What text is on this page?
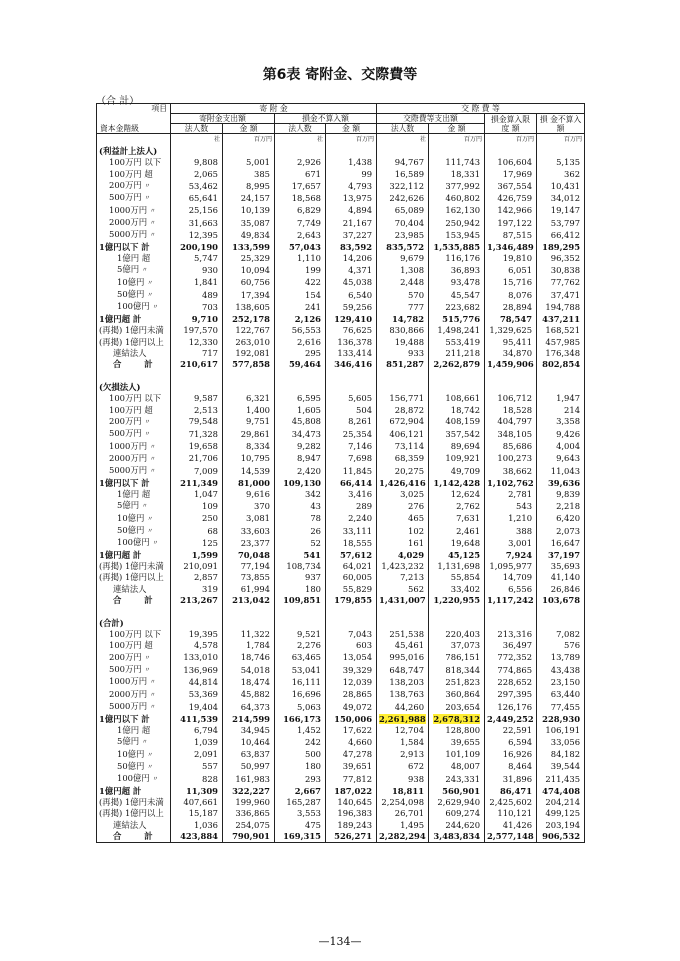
第6表 寄附金、交際費等
（合 計）
項目
資本金階級	寄 附 金				交 際 費 等			
	寄附金支出額		損金不算入額		交際費等支出額		損金算入限 度 額	損 金不算入額
	法人数	金 額	法人数	金 額	法人数	金 額		
	社	百万円	社	百万円	社	百万円	百万円	百万円
(利益計上法人)								
100万円 以下	9,808	5,001	2,926	1,438	94,767	111,743	106,604	5,135
100万円 超	2,065	385	671	99	16,589	18,331	17,969	362
200万円 〃	53,462	8,995	17,657	4,793	322,112	377,992	367,554	10,431
500万円 〃	65,641	24,157	18,568	13,975	242,626	460,802	426,759	34,012
1000万円 〃	25,156	10,139	6,829	4,894	65,089	162,130	142,966	19,147
2000万円 〃	31,663	35,087	7,749	21,167	70,404	250,942	197,122	53,797
5000万円 〃	12,395	49,834	2,643	37,227	23,985	153,945	87,515	66,412
1億円以下 計	200,190	133,599	57,043	83,592	835,572	1,535,885	1,346,489	189,295
1億円 超	5,747	25,329	1,110	14,206	9,679	116,176	19,810	96,352
5億円 〃	930	10,094	199	4,371	1,308	36,893	6,051	30,838
10億円 〃	1,841	60,756	422	45,038	2,448	93,478	15,716	77,762
50億円 〃	489	17,394	154	6,540	570	45,547	8,076	37,471
100億円 〃	703	138,605	241	59,256	777	223,682	28,894	194,788
1億円超 計	9,710	252,178	2,126	129,410	14,782	515,776	78,547	437,211
(再掲) 1億円未満	197,570	122,767	56,553	76,625	830,866	1,498,241	1,329,625	168,521
(再掲) 1億円以上	12,330	263,010	2,616	136,378	19,488	553,419	95,411	457,985
連結法人	717	192,081	295	133,414	933	211,218	34,870	176,348
合 計	210,617	577,858	59,464	346,416	851,287	2,262,879	1,459,906	802,854

(欠損法人)								
100万円 以下	9,587	6,321	6,595	5,605	156,771	108,661	106,712	1,947
100万円 超	2,513	1,400	1,605	504	28,872	18,742	18,528	214
200万円 〃	79,548	9,751	45,808	8,261	672,904	408,159	404,797	3,358
500万円 〃	71,328	29,861	34,473	25,354	406,121	357,542	348,105	9,426
1000万円 〃	19,658	8,334	9,282	7,146	73,114	89,694	85,686	4,004
2000万円 〃	21,706	10,795	8,947	7,698	68,359	109,921	100,273	9,643
5000万円 〃	7,009	14,539	2,420	11,845	20,275	49,709	38,662	11,043
1億円以下 計	211,349	81,000	109,130	66,414	1,426,416	1,142,428	1,102,762	39,636
1億円 超	1,047	9,616	342	3,416	3,025	12,624	2,781	9,839
5億円 〃	109	370	43	289	276	2,762	543	2,218
10億円 〃	250	3,081	78	2,240	465	7,631	1,210	6,420
50億円 〃	68	33,603	26	33,111	102	2,461	388	2,073
100億円 〃	125	23,377	52	18,555	161	19,648	3,001	16,647
1億円超 計	1,599	70,048	541	57,612	4,029	45,125	7,924	37,197
(再掲) 1億円未満	210,091	77,194	108,734	64,021	1,423,232	1,131,698	1,095,977	35,693
(再掲) 1億円以上	2,857	73,855	937	60,005	7,213	55,854	14,709	41,140
連結法人	319	61,994	180	55,829	562	33,402	6,556	26,846
合 計	213,267	213,042	109,851	179,855	1,431,007	1,220,955	1,117,242	103,678

(合計)								
100万円 以下	19,395	11,322	9,521	7,043	251,538	220,403	213,316	7,082
100万円 超	4,578	1,784	2,276	603	45,461	37,073	36,497	576
200万円 〃	133,010	18,746	63,465	13,054	995,016	786,151	772,352	13,789
500万円 〃	136,969	54,018	53,041	39,329	648,747	818,344	774,865	43,438
1000万円 〃	44,814	18,474	16,111	12,039	138,203	251,823	228,652	23,150
2000万円 〃	53,369	45,882	16,696	28,865	138,763	360,864	297,395	63,440
5000万円 〃	19,404	64,373	5,063	49,072	44,260	203,654	126,176	77,455
1億円以下 計	411,539	214,599	166,173	150,006	2,261,988	2,678,312	2,449,252	228,930
1億円 超	6,794	34,945	1,452	17,622	12,704	128,800	22,591	106,191
5億円 〃	1,039	10,464	242	4,660	1,584	39,655	6,594	33,056
10億円 〃	2,091	63,837	500	47,278	2,913	101,109	16,926	84,182
50億円 〃	557	50,997	180	39,651	672	48,007	8,464	39,544
100億円 〃	828	161,983	293	77,812	938	243,331	31,896	211,435
1億円超 計	11,309	322,227	2,667	187,022	18,811	560,901	86,471	474,408
(再掲) 1億円未満	407,661	199,960	165,287	140,645	2,254,098	2,629,940	2,425,602	204,214
(再掲) 1億円以上	15,187	336,865	3,553	196,383	26,701	609,274	110,121	499,125
連結法人	1,036	254,075	475	189,243	1,495	244,620	41,426	203,194
合 計	423,884	790,901	169,315	526,271	2,282,294	3,483,834	2,577,148	906,532
—134—
